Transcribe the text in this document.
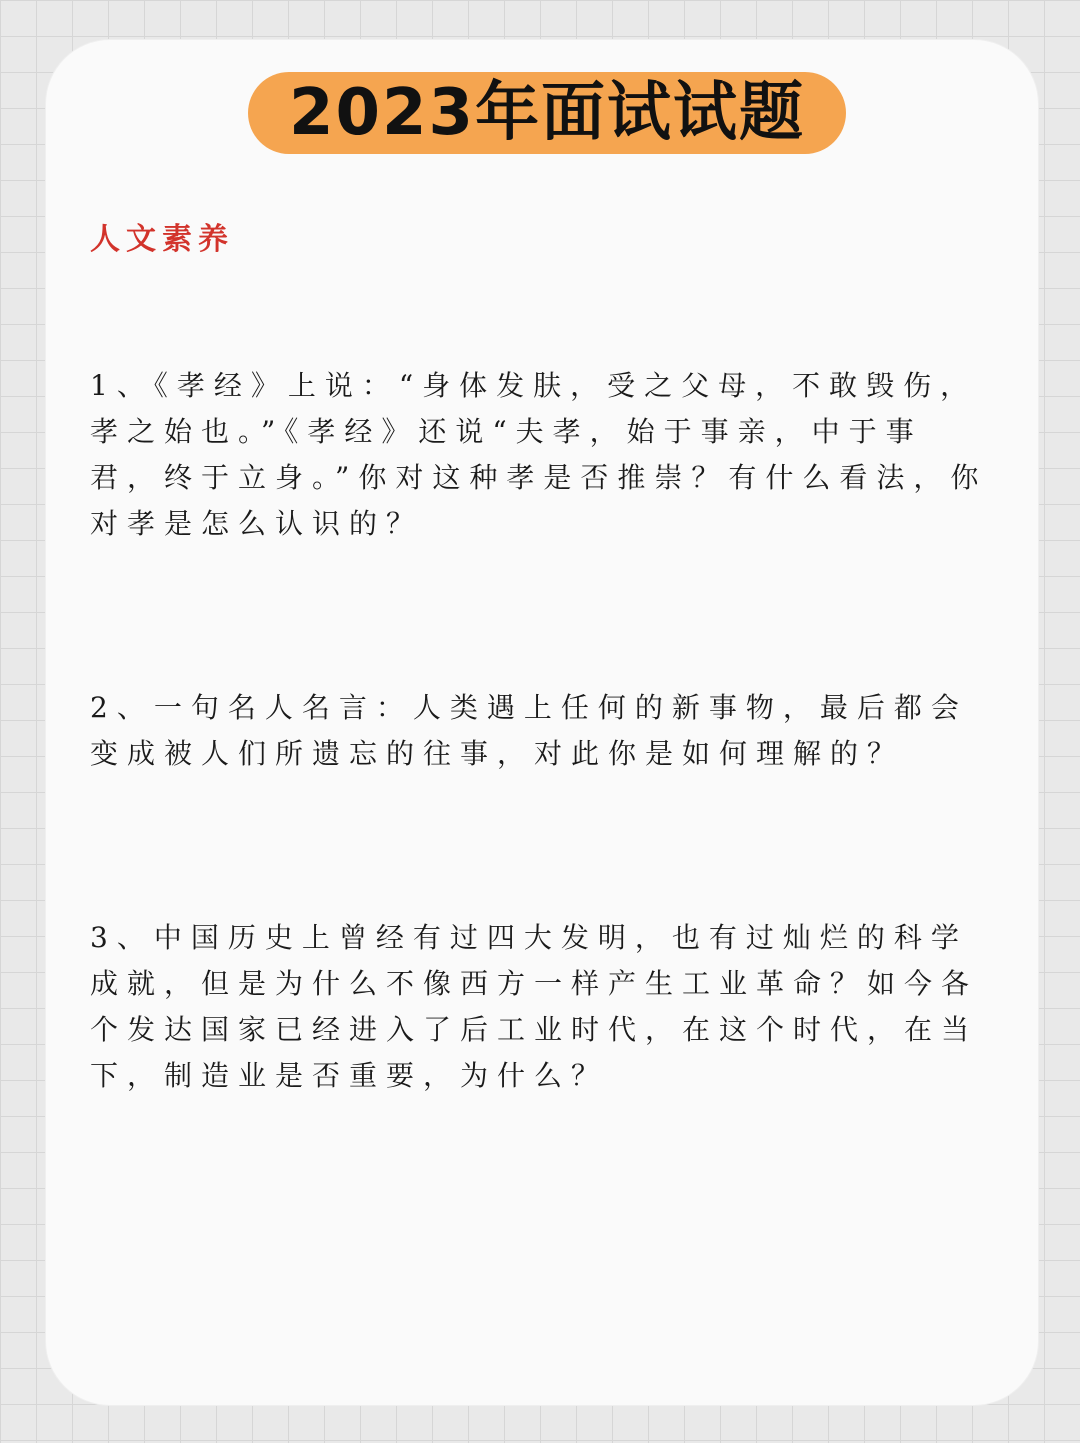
2023年面试试题
人文素养

1、《孝经》上说：“身体发肤，受之父母，不敢毁伤，孝之始也。”《孝经》还说“夫孝，始于事亲，中于事君，终于立身。”你对这种孝是否推崇？有什么看法，你对孝是怎么认识的？

2、一句名人名言：人类遇上任何的新事物，最后都会变成被人们所遗忘的往事，对此你是如何理解的？

3、中国历史上曾经有过四大发明，也有过灿烂的科学成就，但是为什么不像西方一样产生工业革命？如今各个发达国家已经进入了后工业时代，在这个时代，在当下，制造业是否重要，为什么？
